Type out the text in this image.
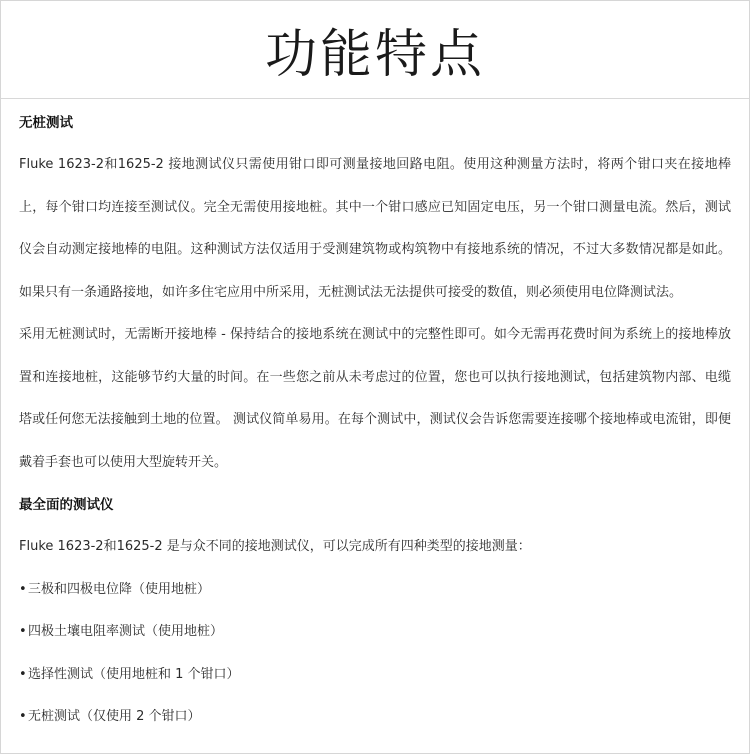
功能特点
无桩测试

Fluke 1623-2和1625-2 接地测试仪只需使用钳口即可测量接地回路电阻。使用这种测量方法时，将两个钳口夹在接地棒上，每个钳口均连接至测试仪。完全无需使用接地桩。其中一个钳口感应已知固定电压，另一个钳口测量电流。然后，测试仪会自动测定接地棒的电阻。这种测试方法仅适用于受测建筑物或构筑物中有接地系统的情况，不过大多数情况都是如此。如果只有一条通路接地，如许多住宅应用中所采用，无桩测试法无法提供可接受的数值，则必须使用电位降测试法。

采用无桩测试时，无需断开接地棒 - 保持结合的接地系统在测试中的完整性即可。如今无需再花费时间为系统上的接地棒放置和连接地桩，这能够节约大量的时间。在一些您之前从未考虑过的位置，您也可以执行接地测试，包括建筑物内部、电缆塔或任何您无法接触到土地的位置。 测试仪简单易用。在每个测试中，测试仪会告诉您需要连接哪个接地棒或电流钳，即便戴着手套也可以使用大型旋转开关。

最全面的测试仪
Fluke 1623-2和1625-2 是与众不同的接地测试仪，可以完成所有四种类型的接地测量：
•三极和四极电位降（使用地桩）
•四极土壤电阻率测试（使用地桩）
•选择性测试（使用地桩和 1 个钳口）
•无桩测试（仅使用 2 个钳口）
